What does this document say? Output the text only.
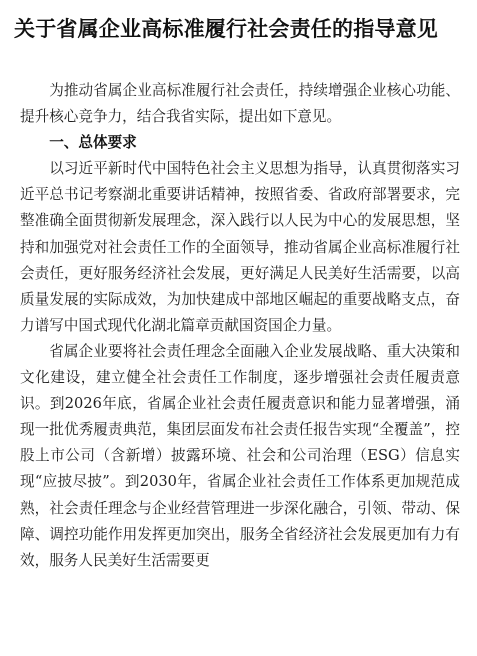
关于省属企业高标准履行社会责任的指导意见

为推动省属企业高标准履行社会责任，持续增强企业核心功能、提升核心竞争力，结合我省实际，提出如下意见。

一、总体要求

以习近平新时代中国特色社会主义思想为指导，认真贯彻落实习近平总书记考察湖北重要讲话精神，按照省委、省政府部署要求，完整准确全面贯彻新发展理念，深入践行以人民为中心的发展思想，坚持和加强党对社会责任工作的全面领导，推动省属企业高标准履行社会责任，更好服务经济社会发展，更好满足人民美好生活需要，以高质量发展的实际成效，为加快建成中部地区崛起的重要战略支点，奋力谱写中国式现代化湖北篇章贡献国资国企力量。

省属企业要将社会责任理念全面融入企业发展战略、重大决策和文化建设，建立健全社会责任工作制度，逐步增强社会责任履责意识。到2026年底，省属企业社会责任履责意识和能力显著增强，涌现一批优秀履责典范，集团层面发布社会责任报告实现“全覆盖”，控股上市公司（含新增）披露环境、社会和公司治理（ESG）信息实现“应披尽披”。到2030年，省属企业社会责任工作体系更加规范成熟，社会责任理念与企业经营管理进一步深化融合，引领、带动、保障、调控功能作用发挥更加突出，服务全省经济社会发展更加有力有效，服务人民美好生活需要更
